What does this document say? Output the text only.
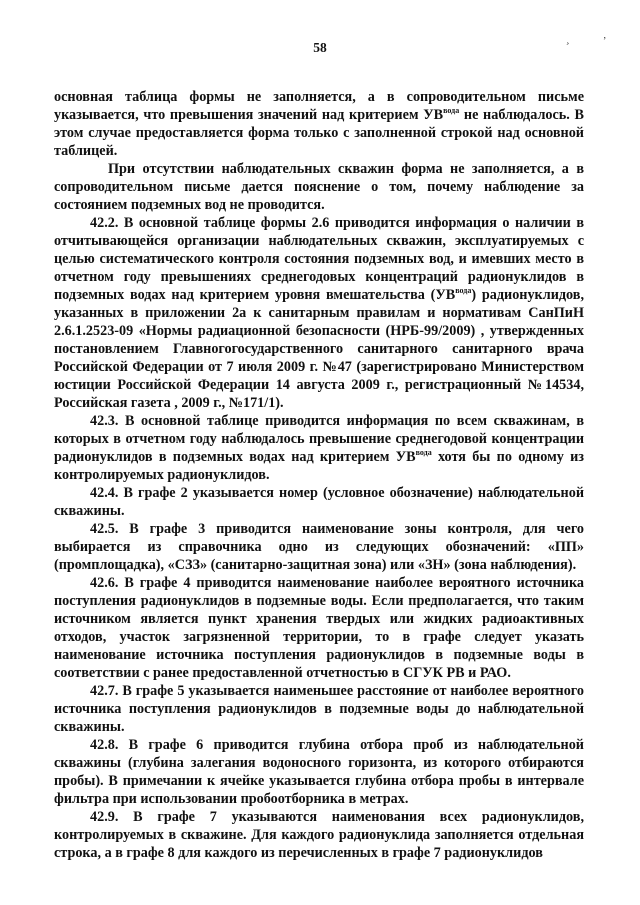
58
¸	’

основная таблица формы не заполняется, а в сопроводительном письме указывается, что превышения значений над критерием $УВ^{вода}$ не наблюдалось. В этом случае предоставляется форма только с заполненной строкой над основной таблицей.

При отсутствии наблюдательных скважин форма не заполняется, а в сопроводительном письме дается пояснение о том, почему наблюдение за состоянием подземных вод не проводится.

42.2. В основной таблице формы 2.6 приводится информация о наличии в отчитывающейся организации наблюдательных скважин, эксплуатируемых с целью систематического контроля состояния подземных вод, и имевших место в отчетном году превышениях среднегодовых концентраций радионуклидов в подземных водах над критерием уровня вмешательства $(УВ^{вода})$ радионуклидов, указанных в приложении 2а к санитарным правилам и нормативам СанПиН 2.6.1.2523-09 «Нормы радиационной безопасности (НРБ-99/2009) , утвержденных постановлением Главногогосударственного санитарного санитарного врача Российской Федерации от 7 июля 2009 г. №47 (зарегистрировано Министерством юстиции Российской Федерации 14 августа 2009 г., регистрационный №14534, Российская газета , 2009 г., №171/1).

42.3. В основной таблице приводится информация по всем скважинам, в которых в отчетном году наблюдалось превышение среднегодовой концентрации радионуклидов в подземных водах над критерием $УВ^{вода}$ хотя бы по одному из контролируемых радионуклидов.

42.4. В графе 2 указывается номер (условное обозначение) наблюдательной скважины.

42.5. В графе 3 приводится наименование зоны контроля, для чего выбирается из справочника одно из следующих обозначений: «ПП» (промплощадка), «СЗЗ» (санитарно-защитная зона) или «ЗН» (зона наблюдения).

42.6. В графе 4 приводится наименование наиболее вероятного источника поступления радионуклидов в подземные воды. Если предполагается, что таким источником является пункт хранения твердых или жидких радиоактивных отходов, участок загрязненной территории, то в графе следует указать наименование источника поступления радионуклидов в подземные воды в соответствии с ранее предоставленной отчетностью в СГУК РВ и РАО.

42.7. В графе 5 указывается наименьшее расстояние от наиболее вероятного источника поступления радионуклидов в подземные воды до наблюдательной скважины.

42.8. В графе 6 приводится глубина отбора проб из наблюдательной скважины (глубина залегания водоносного горизонта, из которого отбираются пробы). В примечании к ячейке указывается глубина отбора пробы в интервале фильтра при использовании пробоотборника в метрах.

42.9. В графе 7 указываются наименования всех радионуклидов, контролируемых в скважине. Для каждого радионуклида заполняется отдельная строка, а в графе 8 для каждого из перечисленных в графе 7 радионуклидов
